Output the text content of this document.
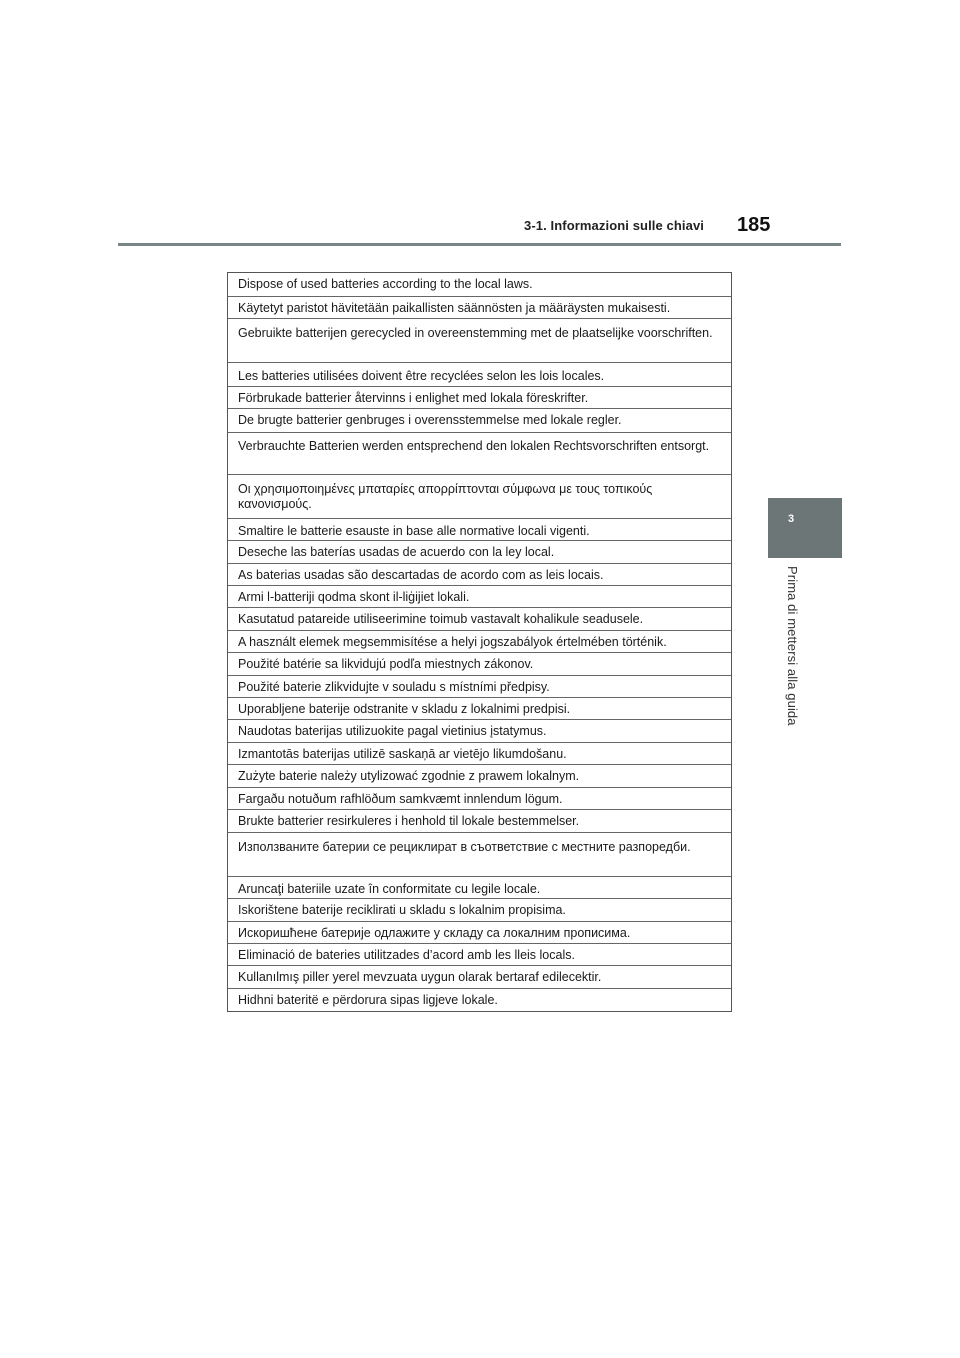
3-1. Informazioni sulle chiavi 185
3
Prima di mettersi alla guida
Dispose of used batteries according to the local laws.
Käytetyt paristot hävitetään paikallisten säännösten ja määräysten mukaisesti.
Gebruikte batterijen gerecycled in overeenstemming met de plaatselijke voorschriften.
Les batteries utilisées doivent être recyclées selon les lois locales.
Förbrukade batterier återvinns i enlighet med lokala föreskrifter.
De brugte batterier genbruges i overensstemmelse med lokale regler.
Verbrauchte Batterien werden entsprechend den lokalen Rechtsvorschriften entsorgt.
Οι χρησιμοποιημένες μπαταρίες απορρίπτονται σύμφωνα με τους τοπικούς κανονισμούς.
Smaltire le batterie esauste in base alle normative locali vigenti.
Deseche las baterías usadas de acuerdo con la ley local.
As baterias usadas são descartadas de acordo com as leis locais.
Armi l-batteriji qodma skont il-liġijiet lokali.
Kasutatud patareide utiliseerimine toimub vastavalt kohalikule seadusele.
A használt elemek megsemmisítése a helyi jogszabályok értelmében történik.
Použité batérie sa likvidujú podľa miestnych zákonov.
Použité baterie zlikvidujte v souladu s místními předpisy.
Uporabljene baterije odstranite v skladu z lokalnimi predpisi.
Naudotas baterijas utilizuokite pagal vietinius įstatymus.
Izmantotās baterijas utilizē saskaņā ar vietējo likumdošanu.
Zużyte baterie należy utylizować zgodnie z prawem lokalnym.
Fargaðu notuðum rafhlöðum samkvæmt innlendum lögum.
Brukte batterier resirkuleres i henhold til lokale bestemmelser.
Използваните батерии се рециклират в съответствие с местните разпоредби.
Aruncaţi bateriile uzate în conformitate cu legile locale.
Iskorištene baterije reciklirati u skladu s lokalnim propisima.
Искоришћене батерије одлажите у складу са локалним прописима.
Eliminació de bateries utilitzades d’acord amb les lleis locals.
Kullanılmış piller yerel mevzuata uygun olarak bertaraf edilecektir.
Hidhni bateritë e përdorura sipas ligjeve lokale.
